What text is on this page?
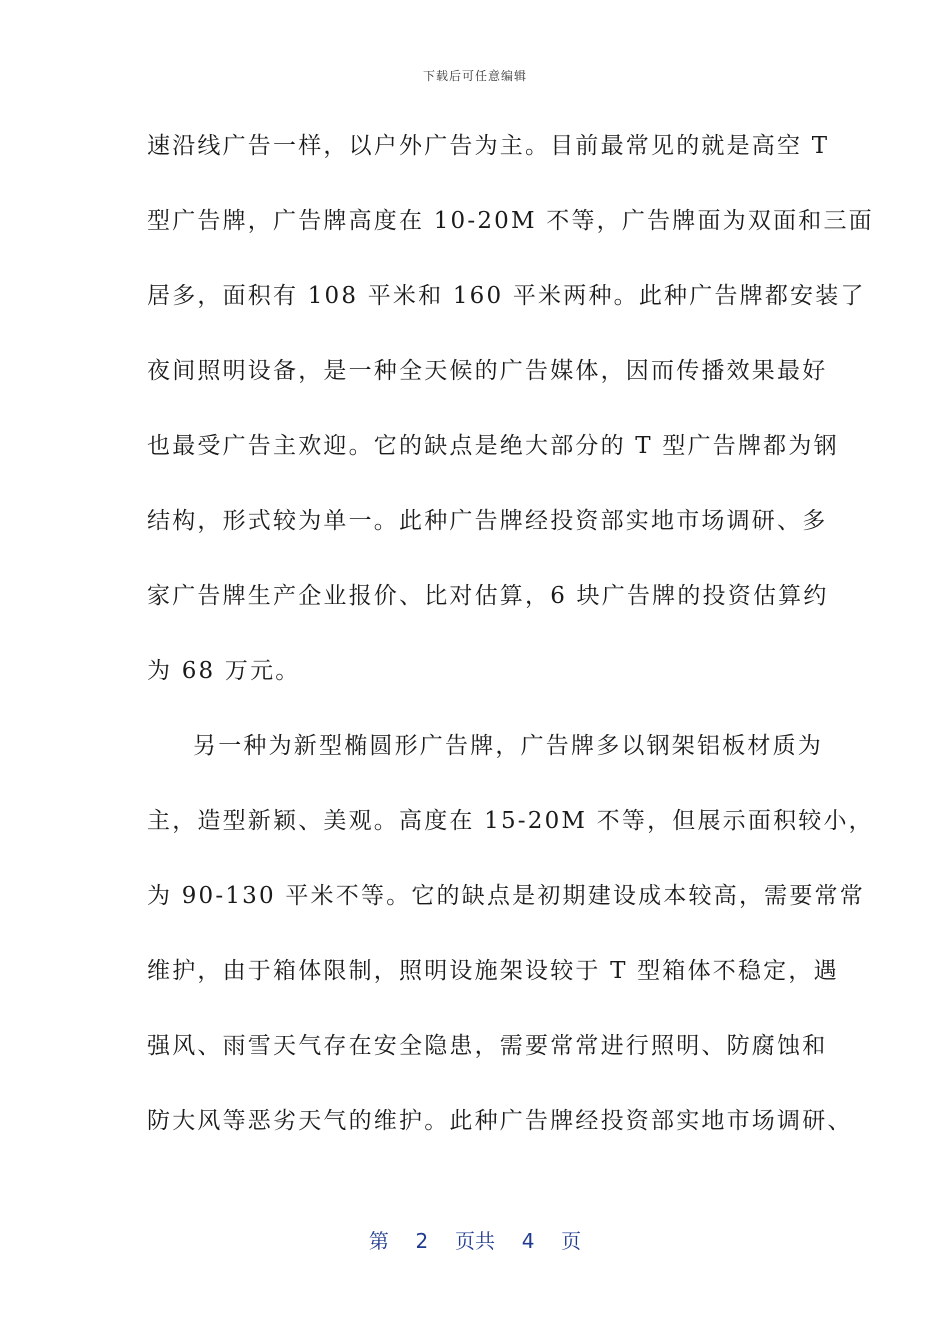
下载后可任意编辑
速沿线广告一样，以户外广告为主。目前最常见的就是高空 T
型广告牌，广告牌高度在 10-20M 不等，广告牌面为双面和三面
居多，面积有 108 平米和 160 平米两种。此种广告牌都安装了
夜间照明设备，是一种全天候的广告媒体，因而传播效果最好
也最受广告主欢迎。它的缺点是绝大部分的 T 型广告牌都为钢
结构，形式较为单一。此种广告牌经投资部实地市场调研、多
家广告牌生产企业报价、比对估算，6 块广告牌的投资估算约
为 68 万元。
另一种为新型椭圆形广告牌，广告牌多以钢架铝板材质为
主，造型新颖、美观。高度在 15-20M 不等，但展示面积较小，
为 90-130 平米不等。它的缺点是初期建设成本较高，需要常常
维护，由于箱体限制，照明设施架设较于 T 型箱体不稳定，遇
强风、雨雪天气存在安全隐患，需要常常进行照明、防腐蚀和
防大风等恶劣天气的维护。此种广告牌经投资部实地市场调研、
第 2 页共 4 页
